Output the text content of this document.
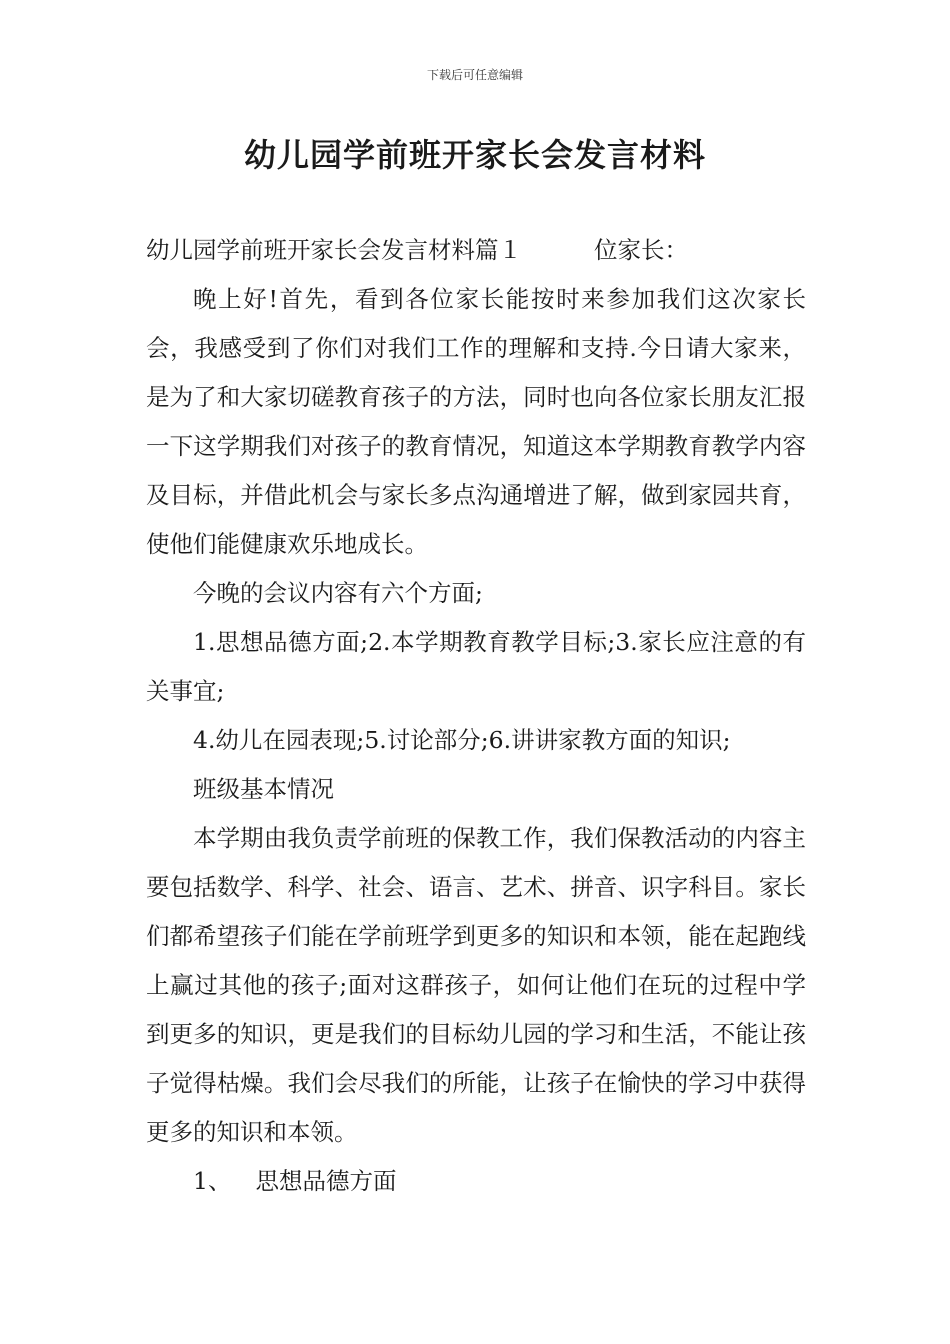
下载后可任意编辑
幼儿园学前班开家长会发言材料

幼儿园学前班开家长会发言材料篇１	位家长：

晚上好!首先，看到各位家长能按时来参加我们这次家长会，我感受到了你们对我们工作的理解和支持.今日请大家来，是为了和大家切磋教育孩子的方法，同时也向各位家长朋友汇报一下这学期我们对孩子的教育情况，知道这本学期教育教学内容及目标，并借此机会与家长多点沟通增进了解，做到家园共育，使他们能健康欢乐地成长。

今晚的会议内容有六个方面;

1.思想品德方面;2.本学期教育教学目标;3.家长应注意的有关事宜;

4.幼儿在园表现;5.讨论部分;6.讲讲家教方面的知识;

班级基本情况

本学期由我负责学前班的保教工作，我们保教活动的内容主要包括数学、科学、社会、语言、艺术、拼音、识字科目。家长们都希望孩子们能在学前班学到更多的知识和本领，能在起跑线上赢过其他的孩子;面对这群孩子，如何让他们在玩的过程中学到更多的知识，更是我们的目标幼儿园的学习和生活，不能让孩子觉得枯燥。我们会尽我们的所能，让孩子在愉快的学习中获得更多的知识和本领。

1、 思想品德方面
